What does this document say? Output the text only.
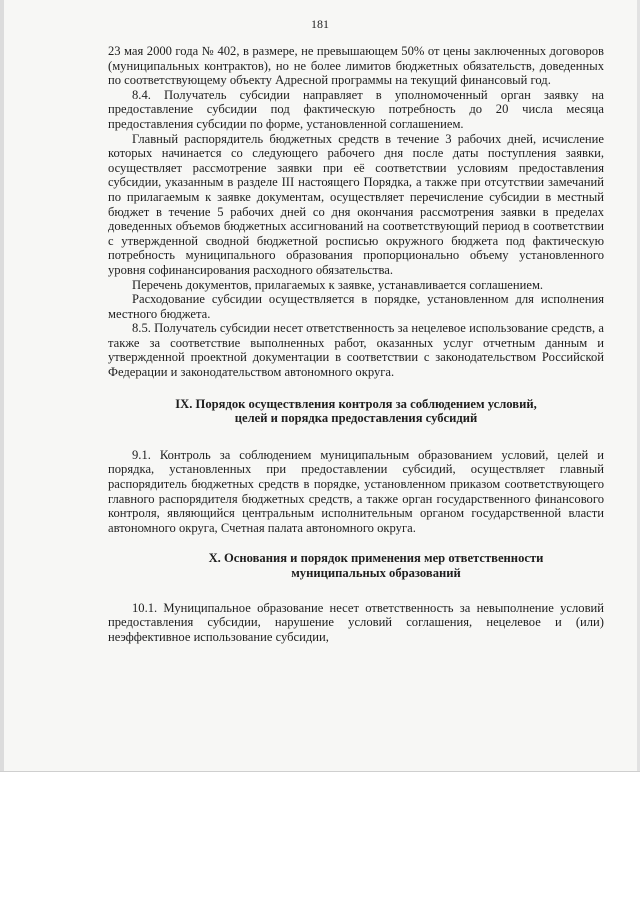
181

23 мая 2000 года № 402, в размере, не превышающем 50% от цены заключенных договоров (муниципальных контрактов), но не более лимитов бюджетных обязательств, доведенных по соответствующему объекту Адресной программы на текущий финансовый год.

8.4. Получатель субсидии направляет в уполномоченный орган заявку на предоставление субсидии под фактическую потребность до 20 числа месяца предоставления субсидии по форме, установленной соглашением.

Главный распорядитель бюджетных средств в течение 3 рабочих дней, исчисление которых начинается со следующего рабочего дня после даты поступления заявки, осуществляет рассмотрение заявки при её соответствии условиям предоставления субсидии, указанным в разделе III настоящего Порядка, а также при отсутствии замечаний по прилагаемым к заявке документам, осуществляет перечисление субсидии в местный бюджет в течение 5 рабочих дней со дня окончания рассмотрения заявки в пределах доведенных объемов бюджетных ассигнований на соответствующий период в соответствии с утвержденной сводной бюджетной росписью окружного бюджета под фактическую потребность муниципального образования пропорционально объему установленного уровня софинансирования расходного обязательства.

Перечень документов, прилагаемых к заявке, устанавливается соглашением.

Расходование субсидии осуществляется в порядке, установленном для исполнения местного бюджета.

8.5. Получатель субсидии несет ответственность за нецелевое использование средств, а также за соответствие выполненных работ, оказанных услуг отчетным данным и утвержденной проектной документации в соответствии с законодательством Российской Федерации и законодательством автономного округа.

IX. Порядок осуществления контроля за соблюдением условий,
целей и порядка предоставления субсидий

9.1. Контроль за соблюдением муниципальным образованием условий, целей и порядка, установленных при предоставлении субсидий, осуществляет главный распорядитель бюджетных средств в порядке, установленном приказом соответствующего главного распорядителя бюджетных средств, а также орган государственного финансового контроля, являющийся центральным исполнительным органом государственной власти автономного округа, Счетная палата автономного округа.

X. Основания и порядок применения мер ответственности
муниципальных образований

10.1. Муниципальное образование несет ответственность за невыполнение условий предоставления субсидии, нарушение условий соглашения, нецелевое и (или) неэффективное использование субсидии,
